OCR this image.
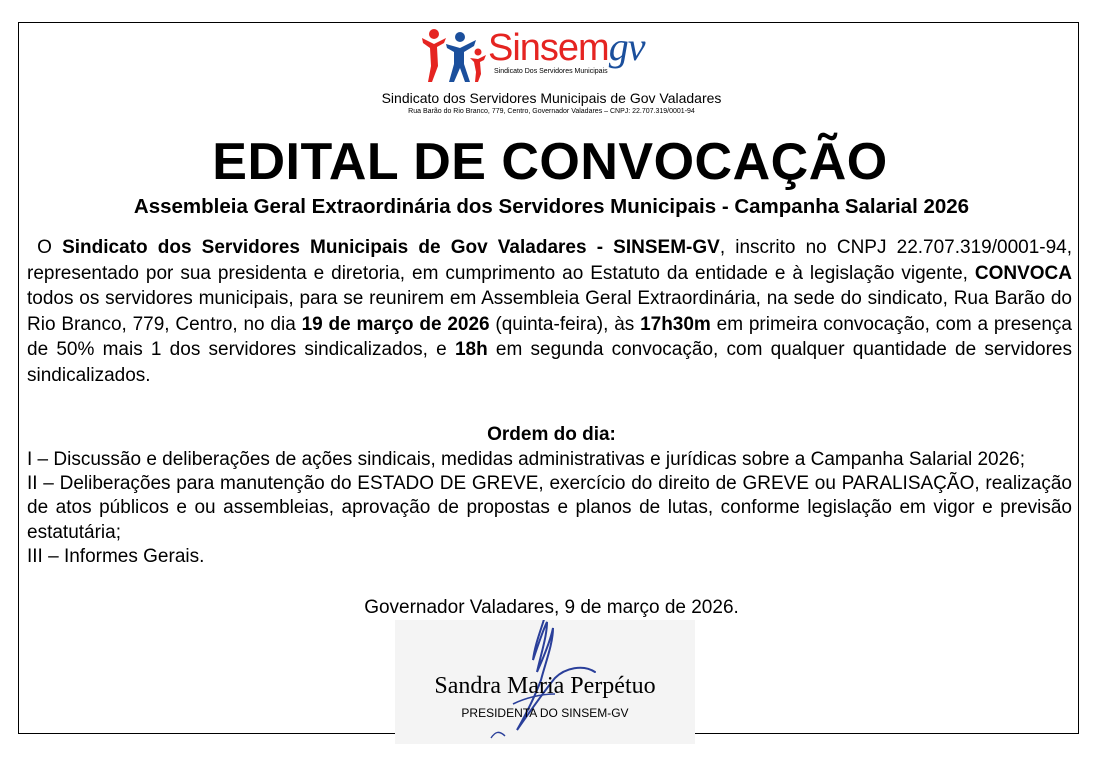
Sinsemgv
Sindicato Dos Servidores Municipais
Sindicato dos Servidores Municipais de Gov Valadares
Rua Barão do Rio Branco, 779, Centro, Governador Valadares – CNPJ: 22.707.319/0001-94
EDITAL DE CONVOCAÇÃO
Assembleia Geral Extraordinária dos Servidores Municipais - Campanha Salarial 2026

O Sindicato dos Servidores Municipais de Gov Valadares - SINSEM-GV, inscrito no CNPJ 22.707.319/0001-94, representado por sua presidenta e diretoria, em cumprimento ao Estatuto da entidade e à legislação vigente, CONVOCA todos os servidores municipais, para se reunirem em Assembleia Geral Extraordinária, na sede do sindicato, Rua Barão do Rio Branco, 779, Centro, no dia 19 de março de 2026 (quinta-feira), às 17h30m em primeira convocação, com a presença de 50% mais 1 dos servidores sindicalizados, e 18h em segunda convocação, com qualquer quantidade de servidores sindicalizados.

Ordem do dia:

I – Discussão e deliberações de ações sindicais, medidas administrativas e jurídicas sobre a Campanha Salarial 2026;

II – Deliberações para manutenção do ESTADO DE GREVE, exercício do direito de GREVE ou PARALISAÇÃO, realização de atos públicos e ou assembleias, aprovação de propostas e planos de lutas, conforme legislação em vigor e previsão estatutária;

III – Informes Gerais.

Governador Valadares, 9 de março de 2026.
Sandra Maria Perpétuo
PRESIDENTA DO SINSEM-GV
